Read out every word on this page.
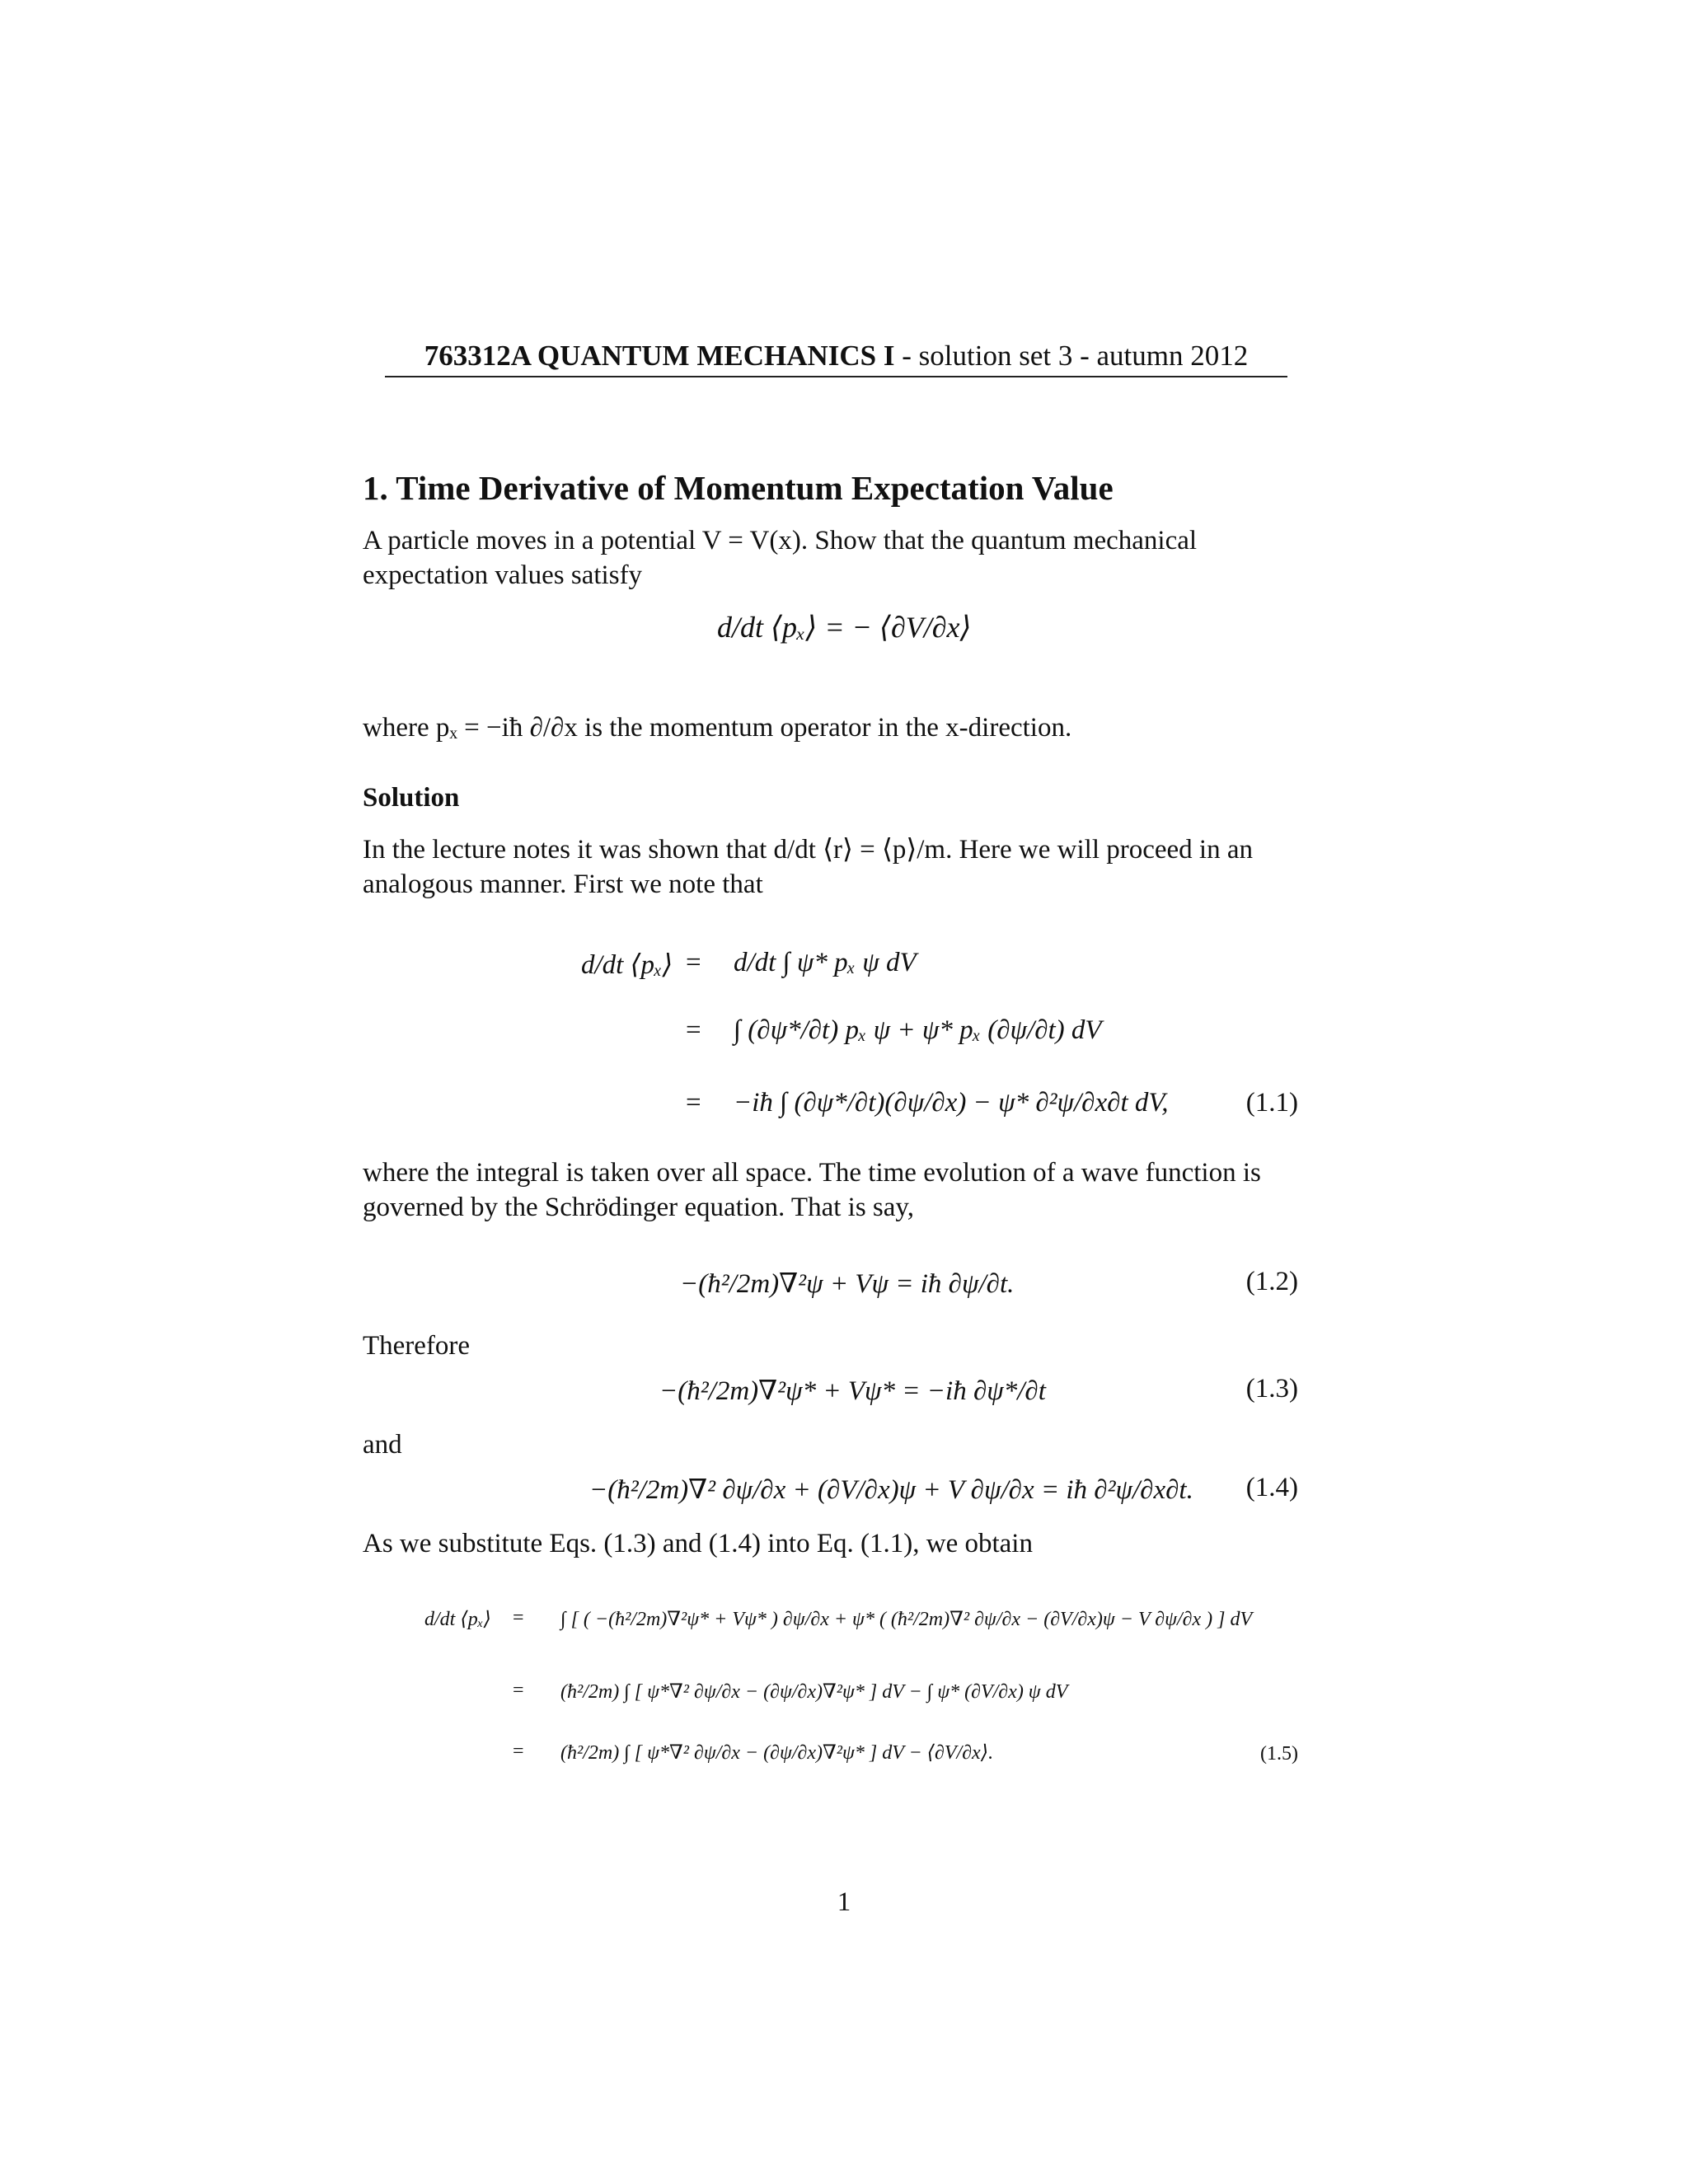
763312A QUANTUM MECHANICS I - solution set 3 - autumn 2012
1. Time Derivative of Momentum Expectation Value

A particle moves in a potential V = V(x). Show that the quantum mechanical expectation values satisfy

d/dt ⟨pₓ⟩ = − ⟨∂V/∂x⟩

where pₓ = −iħ ∂/∂x is the momentum operator in the x-direction.

Solution

In the lecture notes it was shown that d/dt ⟨r⟩ = ⟨p⟩/m. Here we will proceed in an analogous manner. First we note that

d/dt ⟨pₓ⟩ = d/dt ∫ ψ* pₓ ψ dV
= ∫ (∂ψ*/∂t) pₓ ψ + ψ* pₓ (∂ψ/∂t) dV
= −iħ ∫ (∂ψ*/∂t)(∂ψ/∂x) − ψ* ∂²ψ/∂x∂t dV,	(1.1)

where the integral is taken over all space. The time evolution of a wave function is governed by the Schrödinger equation. That is say,

−(ħ²/2m)∇²ψ + Vψ = iħ ∂ψ/∂t.	(1.2)

Therefore

−(ħ²/2m)∇²ψ* + Vψ* = −iħ ∂ψ*/∂t	(1.3)

and

−(ħ²/2m)∇² ∂ψ/∂x + (∂V/∂x)ψ + V ∂ψ/∂x = iħ ∂²ψ/∂x∂t. (1.4)

As we substitute Eqs. (1.3) and (1.4) into Eq. (1.1), we obtain

d/dt ⟨pₓ⟩ = ∫ [ ( −(ħ²/2m)∇²ψ* + Vψ* ) ∂ψ/∂x + ψ* ( (ħ²/2m)∇² ∂ψ/∂x − (∂V/∂x)ψ − V ∂ψ/∂x ) ] dV
= (ħ²/2m) ∫ [ ψ*∇² ∂ψ/∂x − (∂ψ/∂x)∇²ψ* ] dV − ∫ ψ* (∂V/∂x) ψ dV
= (ħ²/2m) ∫ [ ψ*∇² ∂ψ/∂x − (∂ψ/∂x)∇²ψ* ] dV − ⟨∂V/∂x⟩.	(1.5)
1
